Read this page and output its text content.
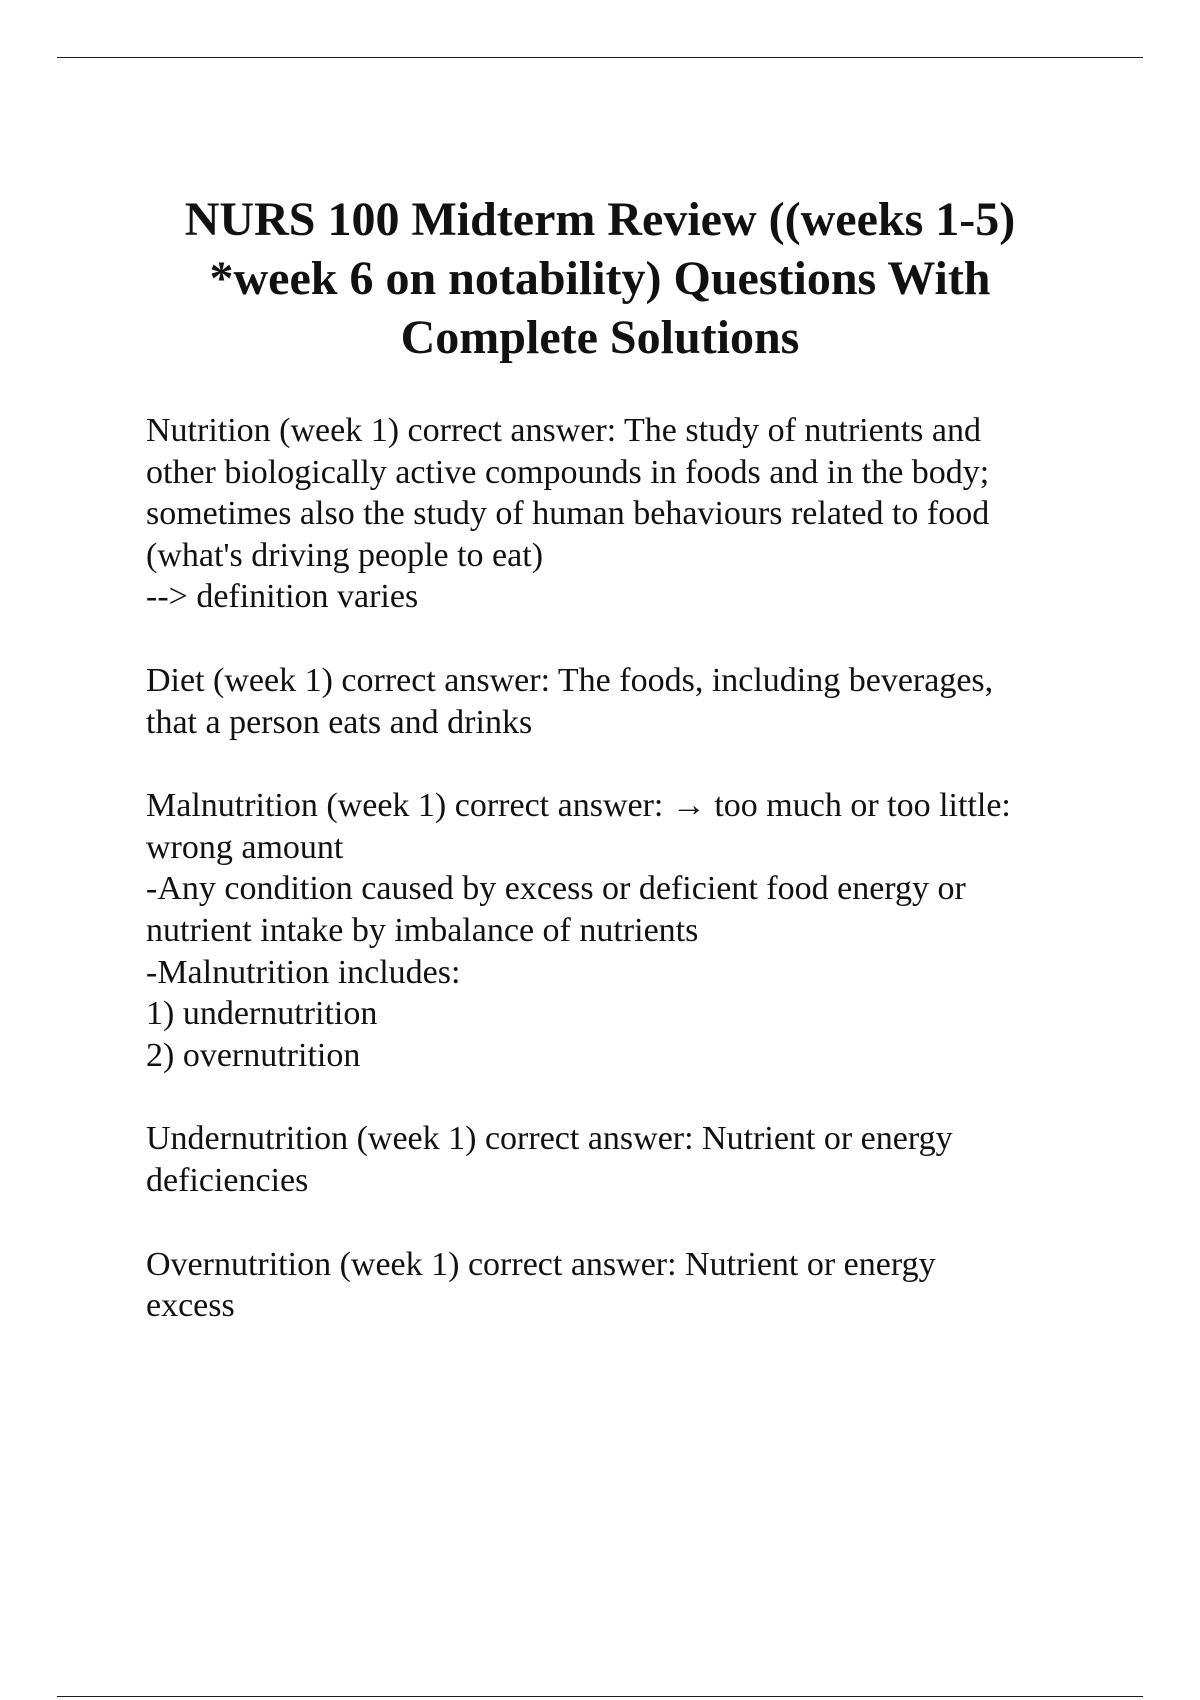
NURS 100 Midterm Review ((weeks 1-5)
*week 6 on notability) Questions With
Complete Solutions

Nutrition (week 1) correct answer: The study of nutrients and

other biologically active compounds in foods and in the body;

sometimes also the study of human behaviours related to food

(what's driving people to eat)

--> definition varies

Diet (week 1) correct answer: The foods, including beverages,

that a person eats and drinks

Malnutrition (week 1) correct answer: → too much or too little:

wrong amount

-Any condition caused by excess or deficient food energy or

nutrient intake by imbalance of nutrients

-Malnutrition includes:

1) undernutrition

2) overnutrition

Undernutrition (week 1) correct answer: Nutrient or energy

deficiencies

Overnutrition (week 1) correct answer: Nutrient or energy

excess
